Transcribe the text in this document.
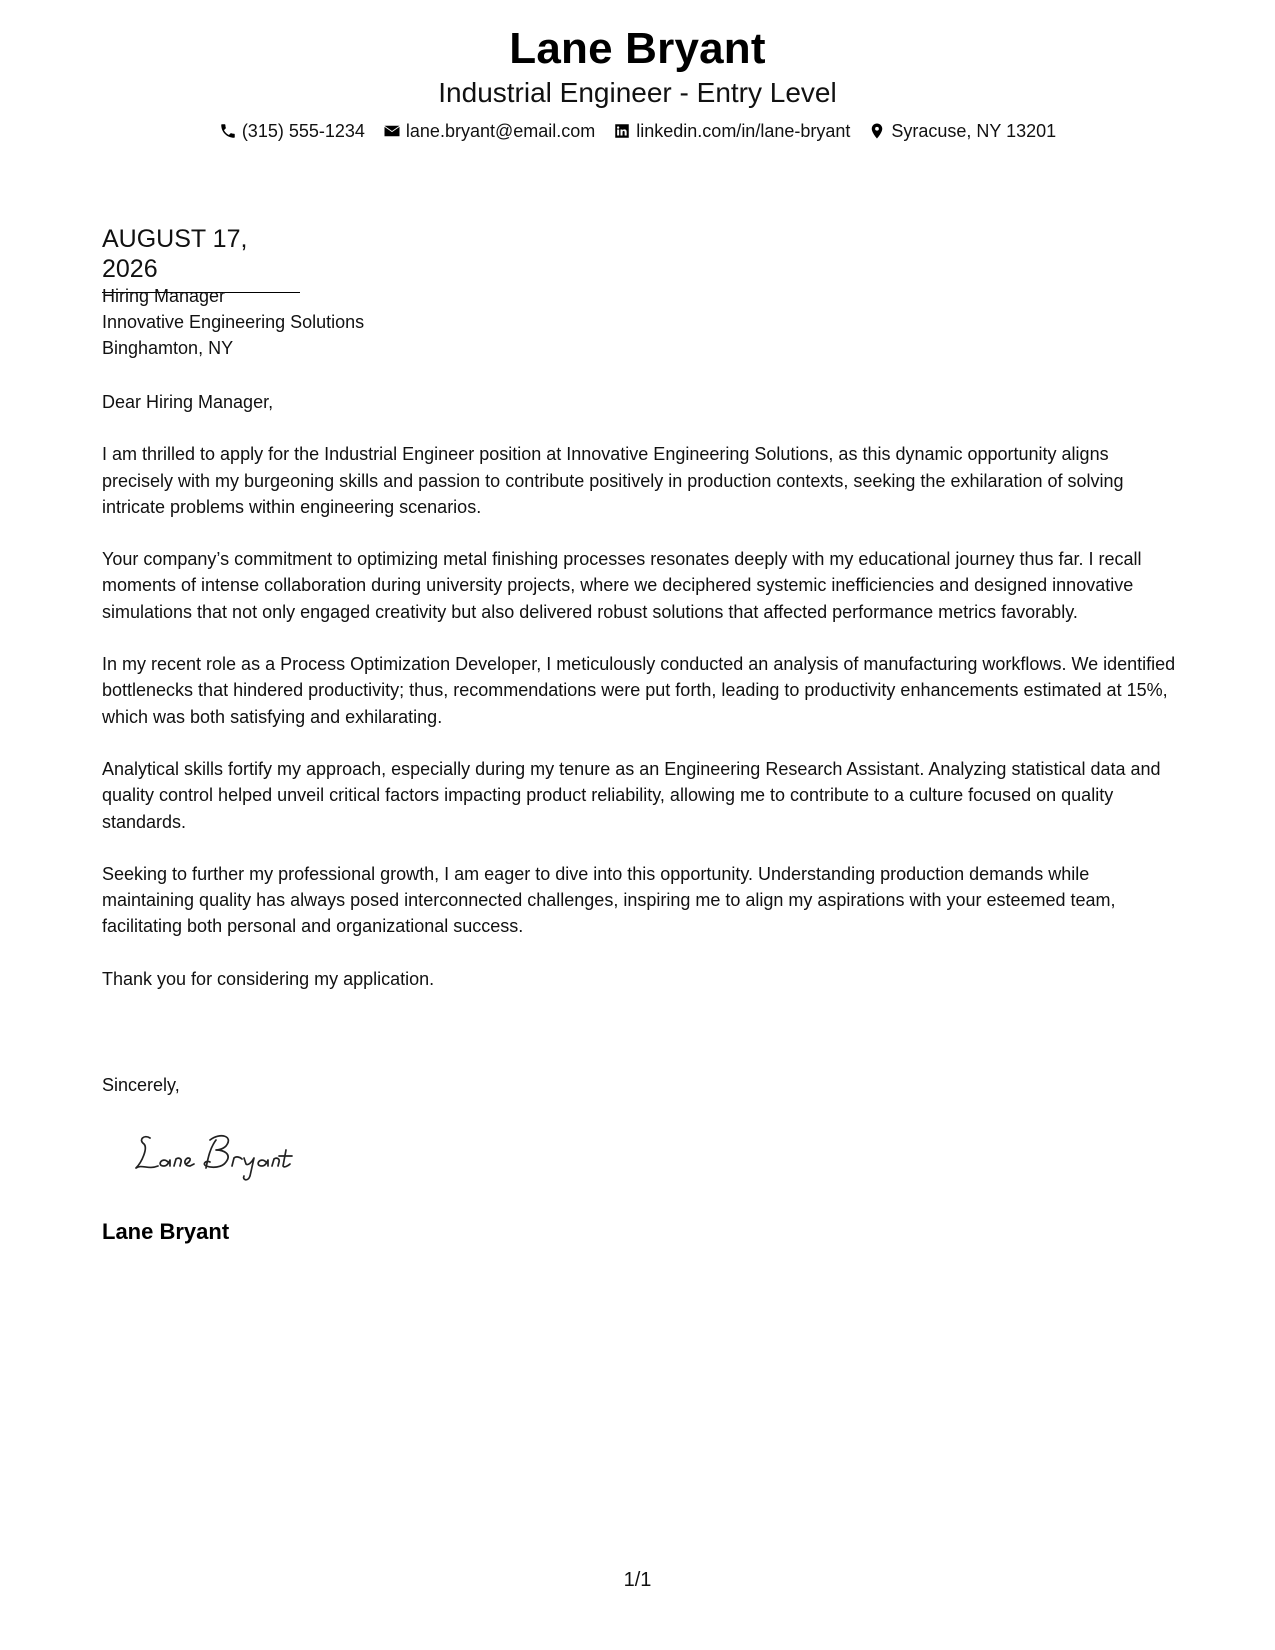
Lane Bryant
Industrial Engineer - Entry Level
(315) 555-1234 lane.bryant@email.com linkedin.com/in/lane-bryant Syracuse, NY 13201
AUGUST 17, 2026
Hiring Manager
Innovative Engineering Solutions
Binghamton, NY

Dear Hiring Manager,

I am thrilled to apply for the Industrial Engineer position at Innovative Engineering Solutions, as this dynamic opportunity aligns precisely with my burgeoning skills and passion to contribute positively in production contexts, seeking the exhilaration of solving intricate problems within engineering scenarios.

Your company’s commitment to optimizing metal finishing processes resonates deeply with my educational journey thus far. I recall moments of intense collaboration during university projects, where we deciphered systemic inefficiencies and designed innovative simulations that not only engaged creativity but also delivered robust solutions that affected performance metrics favorably.

In my recent role as a Process Optimization Developer, I meticulously conducted an analysis of manufacturing workflows. We identified bottlenecks that hindered productivity; thus, recommendations were put forth, leading to productivity enhancements estimated at 15%, which was both satisfying and exhilarating.

Analytical skills fortify my approach, especially during my tenure as an Engineering Research Assistant. Analyzing statistical data and quality control helped unveil critical factors impacting product reliability, allowing me to contribute to a culture focused on quality standards.

Seeking to further my professional growth, I am eager to dive into this opportunity. Understanding production demands while maintaining quality has always posed interconnected challenges, inspiring me to align my aspirations with your esteemed team, facilitating both personal and organizational success.

Thank you for considering my application.

Sincerely,
Lane Bryant
1/1
